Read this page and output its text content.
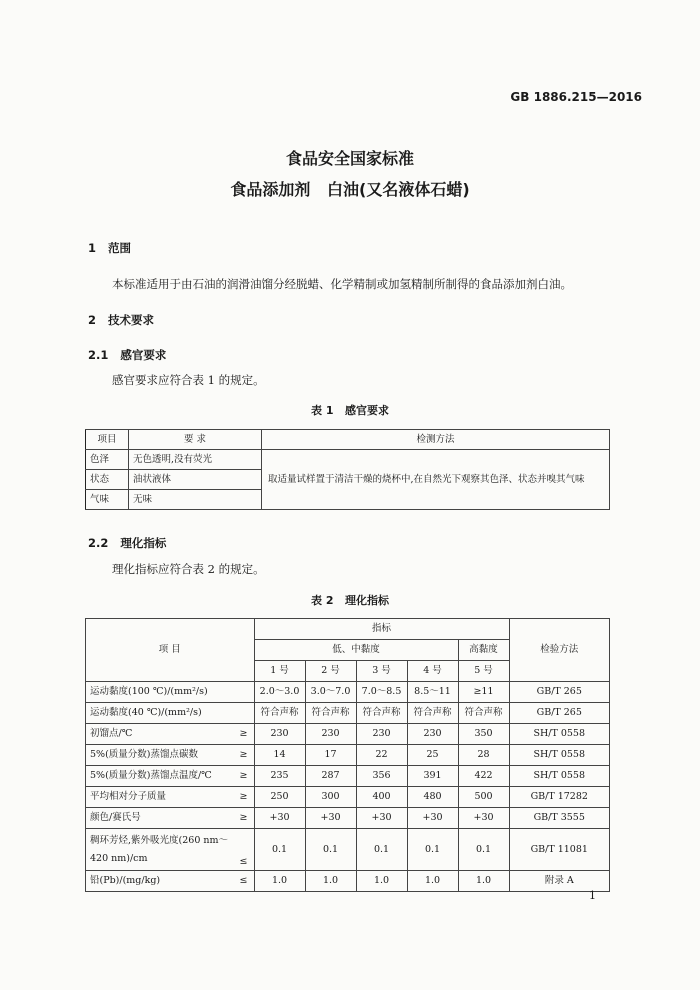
GB 1886.215—2016
食品安全国家标准
食品添加剂   白油(又名液体石蜡)
1   范围
本标准适用于由石油的润滑油馏分经脱蜡、化学精制或加氢精制所制得的食品添加剂白油。
2   技术要求
2.1   感官要求
感官要求应符合表 1 的规定。
表 1   感官要求
项目	要 求	检测方法
色泽	无色透明,没有荧光	取适量试样置于清洁干燥的烧杯中,在自然光下观察其色泽、状态并嗅其气味
状态	油状液体	
气味	无味	
2.2   理化指标
理化指标应符合表 2 的规定。
表 2   理化指标
项 目		指标					检验方法
		低、中黏度				高黏度	
		1 号	2 号	3 号	4 号	5 号	
运动黏度(100 ℃)/(mm²/s)		2.0～3.0	3.0～7.0	7.0～8.5	8.5～11	≥11	GB/T 265
运动黏度(40 ℃)/(mm²/s)		符合声称	符合声称	符合声称	符合声称	符合声称	GB/T 265
初馏点/℃	≥	230	230	230	230	350	SH/T 0558
5%(质量分数)蒸馏点碳数	≥	14	17	22	25	28	SH/T 0558
5%(质量分数)蒸馏点温度/℃	≥	235	287	356	391	422	SH/T 0558
平均相对分子质量	≥	250	300	400	480	500	GB/T 17282
颜色/赛氏号	≥	+30	+30	+30	+30	+30	GB/T 3555

稠环芳烃,紫外吸光度(260 nm～
420 nm)/cm	≤	0.1	0.1	0.1	0.1	0.1	GB/T 11081
铅(Pb)/(mg/kg)	≤	1.0	1.0	1.0	1.0	1.0	附录 A
1
